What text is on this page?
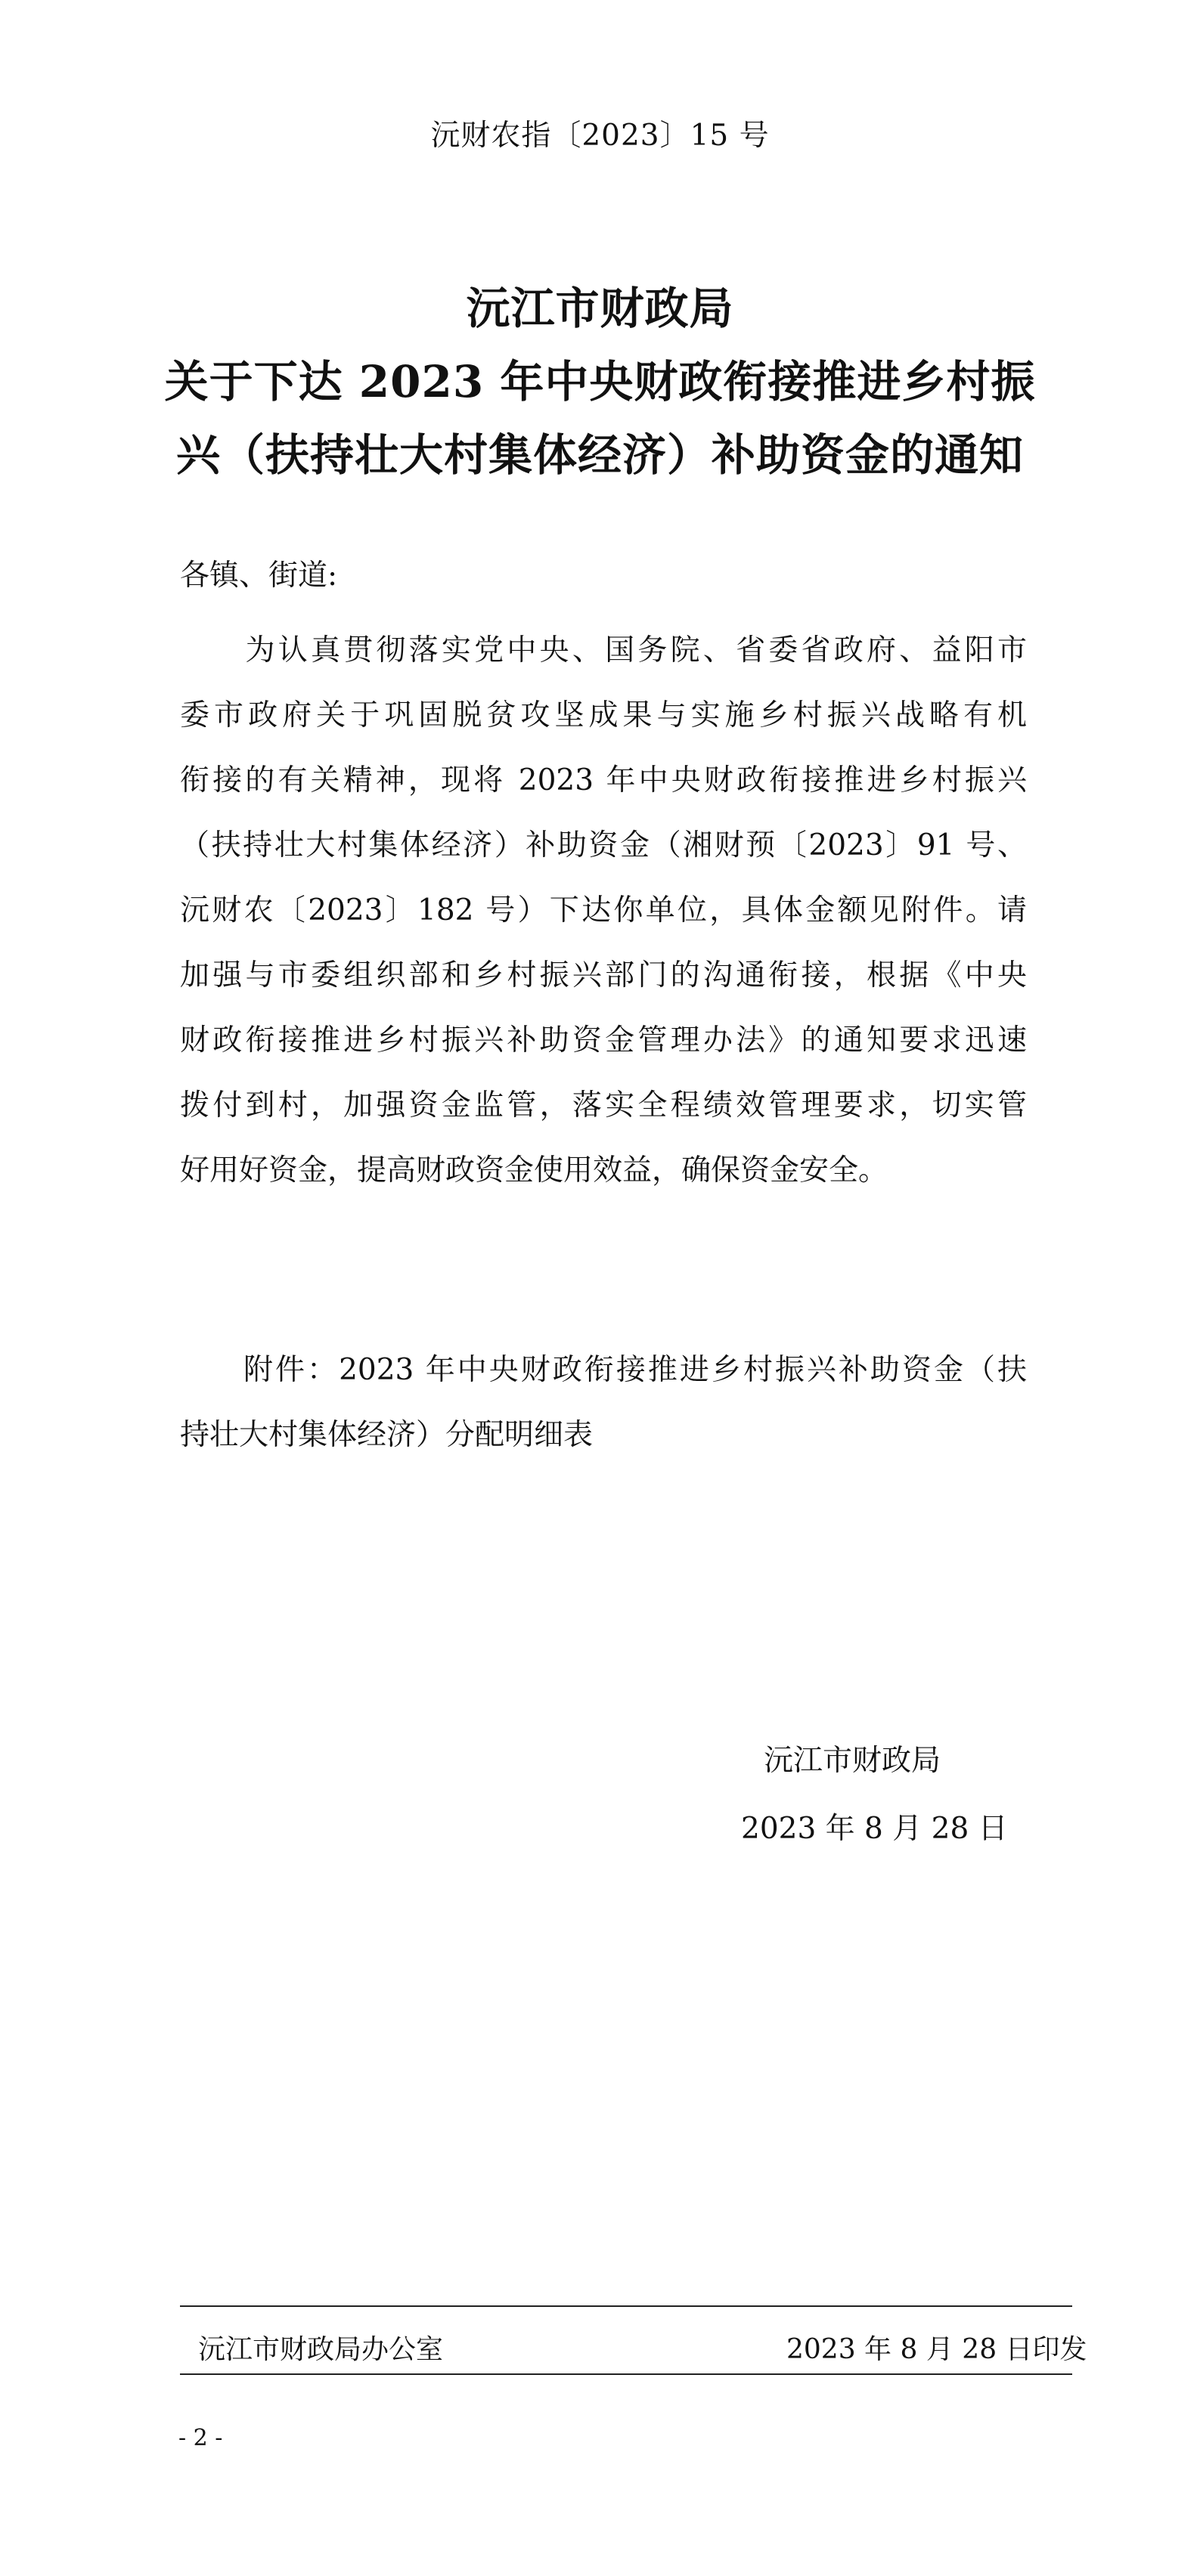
沅财农指〔2023〕15 号
沅江市财政局
关于下达 2023 年中央财政衔接推进乡村振
兴（扶持壮大村集体经济）补助资金的通知
各镇、街道:
　　为认真贯彻落实党中央、国务院、省委省政府、益阳市
委市政府关于巩固脱贫攻坚成果与实施乡村振兴战略有机
衔接的有关精神，现将 2023 年中央财政衔接推进乡村振兴
（扶持壮大村集体经济）补助资金（湘财预〔2023〕91 号、
沅财农〔2023〕182 号）下达你单位，具体金额见附件。请
加强与市委组织部和乡村振兴部门的沟通衔接，根据《中央
财政衔接推进乡村振兴补助资金管理办法》的通知要求迅速
拨付到村，加强资金监管，落实全程绩效管理要求，切实管
好用好资金，提高财政资金使用效益，确保资金安全。
　　附件：2023 年中央财政衔接推进乡村振兴补助资金（扶
持壮大村集体经济）分配明细表
沅江市财政局
2023 年 8 月 28 日
沅江市财政局办公室	2023 年 8 月 28 日印发
- 2 -
